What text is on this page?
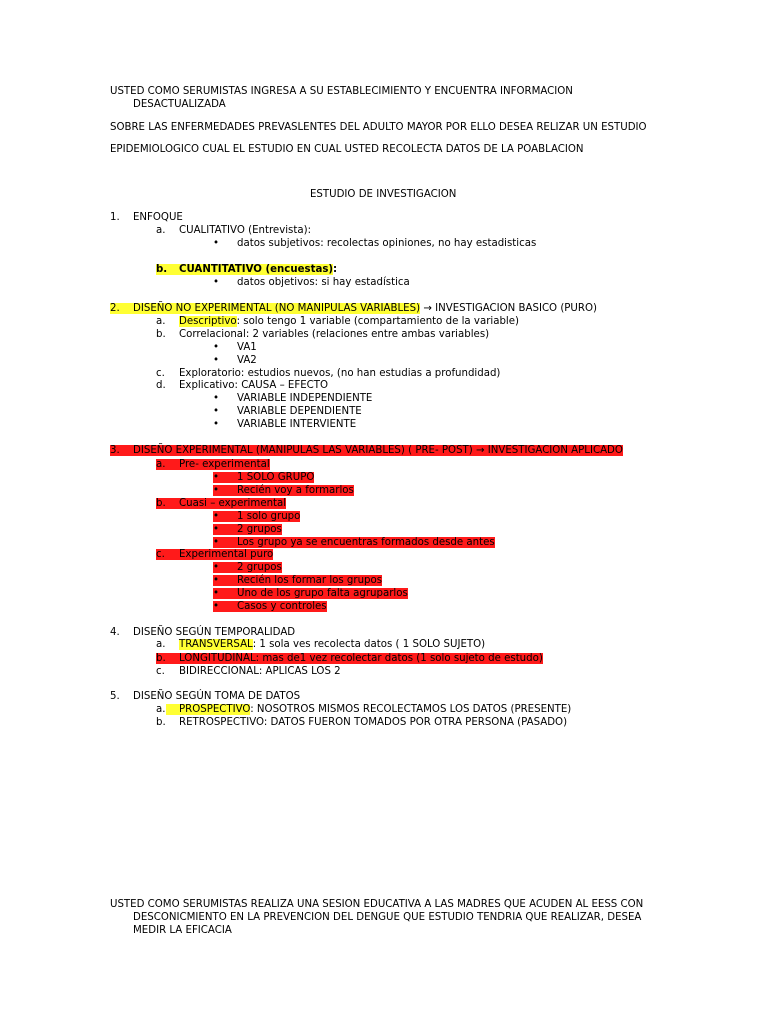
USTED COMO SERUMISTAS INGRESA A SU ESTABLECIMIENTO Y ENCUENTRA INFORMACION
DESACTUALIZADA
SOBRE LAS ENFERMEDADES PREVASLENTES DEL ADULTO MAYOR POR ELLO DESEA RELIZAR UN ESTUDIO
EPIDEMIOLOGICO CUAL EL ESTUDIO EN CUAL USTED RECOLECTA DATOS DE LA POABLACION
ESTUDIO DE INVESTIGACION
1. ENFOQUE
a. CUALITATIVO (Entrevista):
• datos subjetivos: recolectas opiniones, no hay estadisticas
b. CUANTITATIVO (encuestas):
• datos objetivos: si hay estadística
2. DISEÑO NO EXPERIMENTAL (NO MANIPULAS VARIABLES) → INVESTIGACION BASICO (PURO)
a. Descriptivo: solo tengo 1 variable (compartamiento de la variable)
b. Correlacional: 2 variables (relaciones entre ambas variables)
• VA1
• VA2
c. Exploratorio: estudios nuevos, (no han estudias a profundidad)
d. Explicativo: CAUSA – EFECTO
• VARIABLE INDEPENDIENTE
• VARIABLE DEPENDIENTE
• VARIABLE INTERVIENTE
3. DISEÑO EXPERIMENTAL (MANIPULAS LAS VARIABLES) ( PRE- POST) → INVESTIGACION APLICADO
a. Pre- experimental
• 1 SOLO GRUPO
• Recién voy a formarlos
b. Cuasi – experimental
• 1 solo grupo
• 2 grupos
• Los grupo ya se encuentras formados desde antes
c. Experimental puro
• 2 grupos
• Recién los formar los grupos
• Uno de los grupo falta agruparlos
• Casos y controles
4. DISEÑO SEGÚN TEMPORALIDAD
a. TRANSVERSAL: 1 sola ves recolecta datos ( 1 SOLO SUJETO)
b. LONGITUDINAL: mas de1 vez recolectar datos (1 solo sujeto de estudo)
c. BIDIRECCIONAL: APLICAS LOS 2
5. DISEÑO SEGÚN TOMA DE DATOS
a. PROSPECTIVO: NOSOTROS MISMOS RECOLECTAMOS LOS DATOS (PRESENTE)
b. RETROSPECTIVO: DATOS FUERON TOMADOS POR OTRA PERSONA (PASADO)
USTED COMO SERUMISTAS REALIZA UNA SESION EDUCATIVA A LAS MADRES QUE ACUDEN AL EESS CON
DESCONICMIENTO EN LA PREVENCION DEL DENGUE QUE ESTUDIO TENDRIA QUE REALIZAR, DESEA
MEDIR LA EFICACIA
